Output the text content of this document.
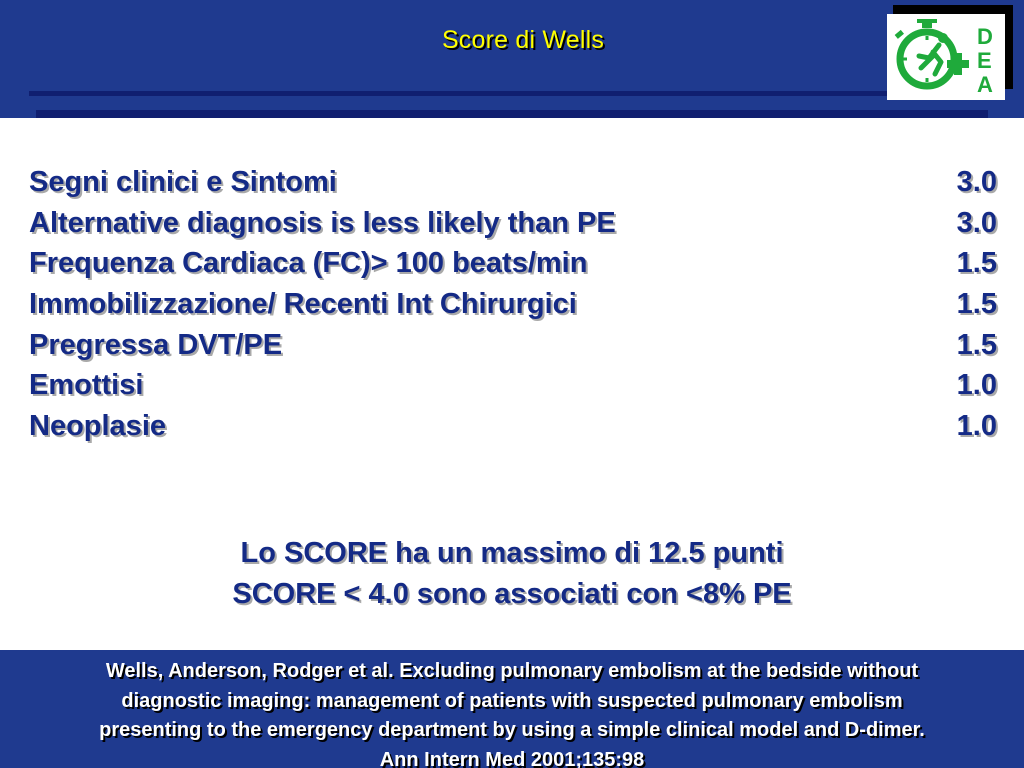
Score di Wells	D
E
A
Segni clinici e Sintomi	3.0
Alternative diagnosis is less likely than PE	3.0
Frequenza Cardiaca (FC)> 100 beats/min	1.5
Immobilizzazione/ Recenti Int Chirurgici	1.5
Pregressa DVT/PE	1.5
Emottisi	1.0
Neoplasie	1.0
Lo SCORE ha un massimo di 12.5 punti
SCORE < 4.0 sono associati con <8% PE
Wells, Anderson, Rodger et al. Excluding pulmonary embolism at the bedside without
diagnostic imaging: management of patients with suspected pulmonary embolism
presenting to the emergency department by using a simple clinical model and D-dimer.
Ann Intern Med 2001;135:98
